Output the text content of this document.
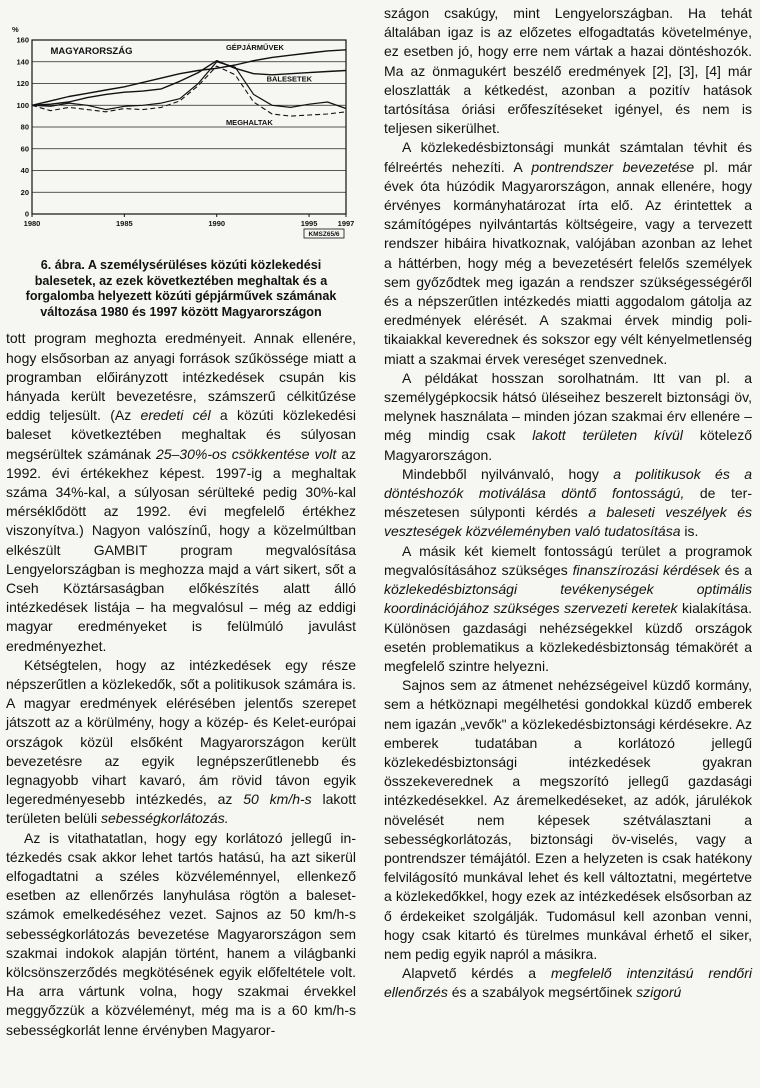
0
20
40
60
80
100
120
140
160
%
1980	1985	1990	1995	1997
GÉPJÁRMŰVEK
BALESETEK
MEGHALTAK
MAGYARORSZÁG
KMSZ65/6

6. ábra. A személysérüléses közúti közlekedési balesetek, az ezek következtében meghaltak és a forgalomba helyezett közúti gépjárművek számának változása 1980 és 1997 között Magyarországon

tott program meghozta eredményeit. Annak ellenére, hogy elsősorban az anyagi források szűkössége miatt a programban előirányzott intézkedések csupán kis hányada került bevezetésre, számszerű célkitűzése eddig teljesült. (Az eredeti cél a közúti közlekedési baleset következtében meghaltak és súlyosan megsérültek számának 25–30%-os csökkentése volt az 1992. évi értékekhez képest. 1997-ig a meghaltak száma 34%-kal, a súlyosan sérülteké pedig 30%-kal mérséklődött az 1992. évi megfelelő értékhez viszonyítva.) Nagyon valószínű, hogy a közelmúltban elkészült GAMBIT program megvalósítása Lengyelországban is meghozza majd a várt sikert, sőt a Cseh Köztársaságban előkészítés alatt álló intézkedések listája – ha megvalósul – még az eddigi magyar eredményeket is felülmúló javulást eredményezhet.

Kétségtelen, hogy az intézkedések egy része népszerűtlen a közlekedők, sőt a politikusok számára is. A magyar eredmények elérésében jelentős szerepet játszott az a körülmény, hogy a közép- és Kelet-európai országok közül elsőként Magyarországon került bevezetésre az egyik legnépszerűtlenebb és legnagyobb vihart kavaró, ám rövid távon egyik legeredményesebb intézkedés, az 50 km/h-s lakott területen belüli sebességkorlátozás.

Az is vitathatatlan, hogy egy korlátozó jellegű intézkedés csak akkor lehet tartós hatású, ha azt sikerül elfogadtatni a széles közvéleménnyel, ellenkező esetben az ellenőrzés lanyhulása rögtön a balesetszámok emelkedéséhez vezet. Sajnos az 50 km/h-s sebességkorlátozás bevezetése Magyarországon sem szakmai indokok alapján történt, hanem a világbanki kölcsönszerződés megkötésének egyik előfeltétele volt. Ha arra vártunk volna, hogy szakmai érvekkel meggyőzzük a közvéleményt, még ma is a 60 km/h-s sebességkorlát lenne érvényben Magyaror-

szágon csakúgy, mint Lengyelországban. Ha tehát általában igaz is az előzetes elfogadtatás követelménye, ez esetben jó, hogy erre nem vártak a hazai döntéshozók. Ma az önmagukért beszélő eredmények [2], [3], [4] már eloszlatták a kétkedést, azonban a pozitív hatások tartósítása óriási erőfeszítéseket igényel, és nem is teljesen sikerülhet.

A közlekedésbiztonsági munkát számtalan tévhit és félreértés nehezíti. A pontrendszer bevezetése pl. már évek óta húzódik Magyarországon, annak ellenére, hogy érvényes kormányhatározat írta elő. Az érintettek a számítógépes nyilvántartás költségeire, vagy a tervezett rendszer hibáira hivatkoznak, valójában azonban az lehet a háttérben, hogy még a bevezetésért felelős személyek sem győződtek meg igazán a rendszer szükségességéről és a népszerűtlen intézkedés miatti aggodalom gátolja az eredmények elérését. A szakmai érvek mindig politikaiakkal keverednek és sokszor egy vélt kényelmetlenség miatt a szakmai érvek vereséget szenvednek.

A példákat hosszan sorolhatnám. Itt van pl. a személygépkocsik hátsó üléseihez beszerelt biztonsági öv, melynek használata – minden józan szakmai érv ellenére – még mindig csak lakott területen kívül kötelező Magyarországon.

Mindebből nyilvánvaló, hogy a politikusok és a döntéshozók motiválása döntő fontosságú, de természetesen súlyponti kérdés a baleseti veszélyek és veszteségek közvéleményben való tudatosítása is.

A másik két kiemelt fontosságú terület a programok megvalósításához szükséges finanszírozási kérdések és a közlekedésbiztonsági tevékenységek optimális koordinációjához szükséges szervezeti keretek kialakítása. Különösen gazdasági nehézségekkel küzdő országok esetén problematikus a közlekedésbiztonság témakörét a megfelelő szintre helyezni.

Sajnos sem az átmenet nehézségeivel küzdő kormány, sem a hétköznapi megélhetési gondokkal küzdő emberek nem igazán „vevők" a közlekedésbiztonsági kérdésekre. Az emberek tudatában a korlátozó jellegű közlekedésbiztonsági intézkedések gyakran összekeverednek a megszorító jellegű gazdasági intézkedésekkel. Az áremelkedéseket, az adók, járulékok növelését nem képesek szétválasztani a sebességkorlátozás, biztonsági öv-viselés, vagy a pontrendszer témájától. Ezen a helyzeten is csak hatékony felvilágosító munkával lehet és kell változtatni, megértetve a közlekedőkkel, hogy ezek az intézkedések elsősorban az ő érdekeiket szolgálják. Tudomásul kell azonban venni, hogy csak kitartó és türelmes munkával érhető el siker, nem pedig egyik napról a másikra.

Alapvető kérdés a megfelelő intenzitású rendőri ellenőrzés és a szabályok megsértőinek szigorú
